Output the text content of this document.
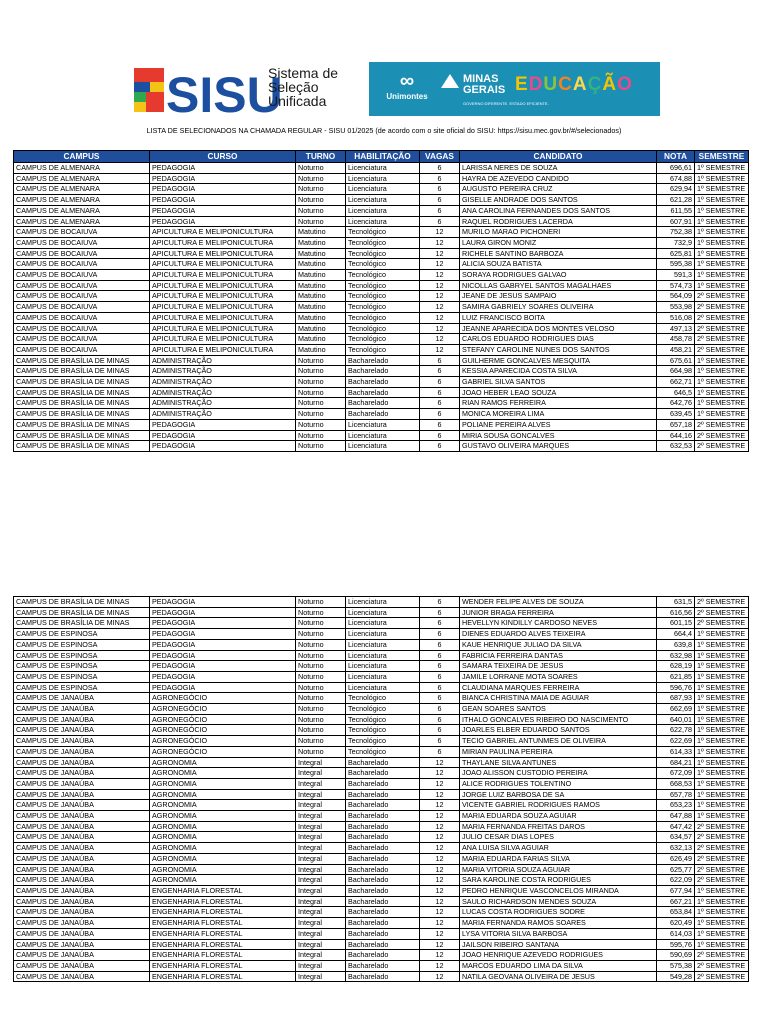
SISU
Sistema de
Seleção
Unificada
∞
Unimontes
MINAS
GERAIS
GOVERNO DIFERENTE. ESTADO EFICIENTE.
EDUCAÇÃO
LISTA DE SELECIONADOS NA CHAMADA REGULAR - SISU 01/2025 (de acordo com o site oficial do SISU: https://sisu.mec.gov.br/#/selecionados)
CAMPUS	CURSO	TURNO	HABILITAÇÃO	VAGAS	CANDIDATO	NOTA	SEMESTRE
CAMPUS DE ALMENARA	PEDAGOGIA	Noturno	Licenciatura	6	LARISSA NERES DE SOUZA	696,61	1º SEMESTRE
CAMPUS DE ALMENARA	PEDAGOGIA	Noturno	Licenciatura	6	HAYRA DE AZEVEDO CANDIDO	674,88	1º SEMESTRE
CAMPUS DE ALMENARA	PEDAGOGIA	Noturno	Licenciatura	6	AUGUSTO PEREIRA CRUZ	629,94	1º SEMESTRE
CAMPUS DE ALMENARA	PEDAGOGIA	Noturno	Licenciatura	6	GISELLE ANDRADE DOS SANTOS	621,28	1º SEMESTRE
CAMPUS DE ALMENARA	PEDAGOGIA	Noturno	Licenciatura	6	ANA CAROLINA FERNANDES DOS SANTOS	611,55	1º SEMESTRE
CAMPUS DE ALMENARA	PEDAGOGIA	Noturno	Licenciatura	6	RAQUEL RODRIGUES LACERDA	607,91	1º SEMESTRE
CAMPUS DE BOCAIUVA	APICULTURA E MELIPONICULTURA	Matutino	Tecnológico	12	MURILO MARAO PICHONERI	752,38	1º SEMESTRE
CAMPUS DE BOCAIUVA	APICULTURA E MELIPONICULTURA	Matutino	Tecnológico	12	LAURA GIRON MONIZ	732,9	1º SEMESTRE
CAMPUS DE BOCAIUVA	APICULTURA E MELIPONICULTURA	Matutino	Tecnológico	12	RICHELE SANTINO BARBOZA	625,81	1º SEMESTRE
CAMPUS DE BOCAIUVA	APICULTURA E MELIPONICULTURA	Matutino	Tecnológico	12	ALICIA SOUZA BATISTA	595,38	1º SEMESTRE
CAMPUS DE BOCAIUVA	APICULTURA E MELIPONICULTURA	Matutino	Tecnológico	12	SORAYA RODRIGUES GALVAO	591,3	1º SEMESTRE
CAMPUS DE BOCAIUVA	APICULTURA E MELIPONICULTURA	Matutino	Tecnológico	12	NICOLLAS GABRYEL SANTOS MAGALHAES	574,73	1º SEMESTRE
CAMPUS DE BOCAIUVA	APICULTURA E MELIPONICULTURA	Matutino	Tecnológico	12	JEANE DE JESUS SAMPAIO	564,09	2º SEMESTRE
CAMPUS DE BOCAIUVA	APICULTURA E MELIPONICULTURA	Matutino	Tecnológico	12	SAMIRA GABRIELY SOARES OLIVEIRA	553,98	2º SEMESTRE
CAMPUS DE BOCAIUVA	APICULTURA E MELIPONICULTURA	Matutino	Tecnológico	12	LUIZ FRANCISCO BOITA	516,08	2º SEMESTRE
CAMPUS DE BOCAIUVA	APICULTURA E MELIPONICULTURA	Matutino	Tecnológico	12	JEANNE APARECIDA DOS MONTES VELOSO	497,13	2º SEMESTRE
CAMPUS DE BOCAIUVA	APICULTURA E MELIPONICULTURA	Matutino	Tecnológico	12	CARLOS EDUARDO RODRIGUES DIAS	458,78	2º SEMESTRE
CAMPUS DE BOCAIUVA	APICULTURA E MELIPONICULTURA	Matutino	Tecnológico	12	STEFANY CAROLINE NUNES DOS SANTOS	458,21	2º SEMESTRE
CAMPUS DE BRASÍLIA DE MINAS	ADMINISTRAÇÃO	Noturno	Bacharelado	6	GUILHERME GONCALVES MESQUITA	675,61	1º SEMESTRE
CAMPUS DE BRASÍLIA DE MINAS	ADMINISTRAÇÃO	Noturno	Bacharelado	6	KESSIA APARECIDA COSTA SILVA	664,98	1º SEMESTRE
CAMPUS DE BRASÍLIA DE MINAS	ADMINISTRAÇÃO	Noturno	Bacharelado	6	GABRIEL SILVA SANTOS	662,71	1º SEMESTRE
CAMPUS DE BRASÍLIA DE MINAS	ADMINISTRAÇÃO	Noturno	Bacharelado	6	JOAO HEBER LEAO SOUZA	646,5	1º SEMESTRE
CAMPUS DE BRASÍLIA DE MINAS	ADMINISTRAÇÃO	Noturno	Bacharelado	6	RIAN RAMOS FERREIRA	642,76	1º SEMESTRE
CAMPUS DE BRASÍLIA DE MINAS	ADMINISTRAÇÃO	Noturno	Bacharelado	6	MONICA MOREIRA LIMA	639,45	1º SEMESTRE
CAMPUS DE BRASÍLIA DE MINAS	PEDAGOGIA	Noturno	Licenciatura	6	POLIANE PEREIRA ALVES	657,18	2º SEMESTRE
CAMPUS DE BRASÍLIA DE MINAS	PEDAGOGIA	Noturno	Licenciatura	6	MIRIA SOUSA GONCALVES	644,16	2º SEMESTRE
CAMPUS DE BRASÍLIA DE MINAS	PEDAGOGIA	Noturno	Licenciatura	6	GUSTAVO OLIVEIRA MARQUES	632,53	2º SEMESTRE
CAMPUS DE BRASÍLIA DE MINAS	PEDAGOGIA	Noturno	Licenciatura	6	WENDER FELIPE ALVES DE SOUZA	631,5	2º SEMESTRE
CAMPUS DE BRASÍLIA DE MINAS	PEDAGOGIA	Noturno	Licenciatura	6	JUNIOR BRAGA FERREIRA	616,56	2º SEMESTRE
CAMPUS DE BRASÍLIA DE MINAS	PEDAGOGIA	Noturno	Licenciatura	6	HEVELLYN KINDILLY CARDOSO NEVES	601,15	2º SEMESTRE
CAMPUS DE ESPINOSA	PEDAGOGIA	Noturno	Licenciatura	6	DIENES EDUARDO ALVES TEIXEIRA	664,4	1º SEMESTRE
CAMPUS DE ESPINOSA	PEDAGOGIA	Noturno	Licenciatura	6	KAUE HENRIQUE JULIAO DA SILVA	639,8	1º SEMESTRE
CAMPUS DE ESPINOSA	PEDAGOGIA	Noturno	Licenciatura	6	FABRICIA FERREIRA DANTAS	632,98	1º SEMESTRE
CAMPUS DE ESPINOSA	PEDAGOGIA	Noturno	Licenciatura	6	SAMARA TEIXEIRA DE JESUS	628,19	1º SEMESTRE
CAMPUS DE ESPINOSA	PEDAGOGIA	Noturno	Licenciatura	6	JAMILE LORRANE MOTA SOARES	621,85	1º SEMESTRE
CAMPUS DE ESPINOSA	PEDAGOGIA	Noturno	Licenciatura	6	CLAUDIANA MARQUES FERREIRA	596,76	1º SEMESTRE
CAMPUS DE JANAÚBA	AGRONEGÓCIO	Noturno	Tecnológico	6	BIANCA CHRISTINA MAIA DE AGUIAR	687,93	1º SEMESTRE
CAMPUS DE JANAÚBA	AGRONEGÓCIO	Noturno	Tecnológico	6	GEAN SOARES SANTOS	662,69	1º SEMESTRE
CAMPUS DE JANAÚBA	AGRONEGÓCIO	Noturno	Tecnológico	6	ITHALO GONCALVES RIBEIRO DO NASCIMENTO	640,01	1º SEMESTRE
CAMPUS DE JANAÚBA	AGRONEGÓCIO	Noturno	Tecnológico	6	JOARLES ELBER EDUARDO SANTOS	622,78	1º SEMESTRE
CAMPUS DE JANAÚBA	AGRONEGÓCIO	Noturno	Tecnológico	6	TECIO GABRIEL ANTUNMES DE OLIVEIRA	622,69	1º SEMESTRE
CAMPUS DE JANAÚBA	AGRONEGÓCIO	Noturno	Tecnológico	6	MIRIAN PAULINA PEREIRA	614,33	1º SEMESTRE
CAMPUS DE JANAÚBA	AGRONOMIA	Integral	Bacharelado	12	THAYLANE SILVA ANTUNES	684,21	1º SEMESTRE
CAMPUS DE JANAÚBA	AGRONOMIA	Integral	Bacharelado	12	JOAO ALISSON CUSTODIO PEREIRA	672,09	1º SEMESTRE
CAMPUS DE JANAÚBA	AGRONOMIA	Integral	Bacharelado	12	ALICE RODRIGUES TOLENTINO	668,53	1º SEMESTRE
CAMPUS DE JANAÚBA	AGRONOMIA	Integral	Bacharelado	12	JORGE LUIZ BARBOSA DE SA	657,78	1º SEMESTRE
CAMPUS DE JANAÚBA	AGRONOMIA	Integral	Bacharelado	12	VICENTE GABRIEL RODRIGUES RAMOS	653,23	1º SEMESTRE
CAMPUS DE JANAÚBA	AGRONOMIA	Integral	Bacharelado	12	MARIA EDUARDA SOUZA AGUIAR	647,88	1º SEMESTRE
CAMPUS DE JANAÚBA	AGRONOMIA	Integral	Bacharelado	12	MARIA FERNANDA FREITAS DAROS	647,42	2º SEMESTRE
CAMPUS DE JANAÚBA	AGRONOMIA	Integral	Bacharelado	12	JULIO CESAR DIAS LOPES	634,57	2º SEMESTRE
CAMPUS DE JANAÚBA	AGRONOMIA	Integral	Bacharelado	12	ANA LUISA SILVA AGUIAR	632,13	2º SEMESTRE
CAMPUS DE JANAÚBA	AGRONOMIA	Integral	Bacharelado	12	MARIA EDUARDA FARIAS SILVA	626,49	2º SEMESTRE
CAMPUS DE JANAÚBA	AGRONOMIA	Integral	Bacharelado	12	MARIA VITORIA SOUZA AGUIAR	625,77	2º SEMESTRE
CAMPUS DE JANAÚBA	AGRONOMIA	Integral	Bacharelado	12	SARA KAROLINE COSTA RODRIGUES	622,09	2º SEMESTRE
CAMPUS DE JANAÚBA	ENGENHARIA FLORESTAL	Integral	Bacharelado	12	PEDRO HENRIQUE VASCONCELOS MIRANDA	677,94	1º SEMESTRE
CAMPUS DE JANAÚBA	ENGENHARIA FLORESTAL	Integral	Bacharelado	12	SAULO RICHARDSON MENDES SOUZA	667,21	1º SEMESTRE
CAMPUS DE JANAÚBA	ENGENHARIA FLORESTAL	Integral	Bacharelado	12	LUCAS COSTA RODRIGUES SODRE	653,84	1º SEMESTRE
CAMPUS DE JANAÚBA	ENGENHARIA FLORESTAL	Integral	Bacharelado	12	MARIA FERNANDA RAMOS SOARES	620,49	1º SEMESTRE
CAMPUS DE JANAÚBA	ENGENHARIA FLORESTAL	Integral	Bacharelado	12	LYSA VITORIA SILVA BARBOSA	614,03	1º SEMESTRE
CAMPUS DE JANAÚBA	ENGENHARIA FLORESTAL	Integral	Bacharelado	12	JAILSON RIBEIRO SANTANA	595,76	1º SEMESTRE
CAMPUS DE JANAÚBA	ENGENHARIA FLORESTAL	Integral	Bacharelado	12	JOAO HENRIQUE AZEVEDO RODRIGUES	590,69	2º SEMESTRE
CAMPUS DE JANAÚBA	ENGENHARIA FLORESTAL	Integral	Bacharelado	12	MARCOS EDUARDO LIMA DA SILVA	575,38	2º SEMESTRE
CAMPUS DE JANAÚBA	ENGENHARIA FLORESTAL	Integral	Bacharelado	12	NATILA GEOVANA OLIVEIRA DE JESUS	549,28	2º SEMESTRE
